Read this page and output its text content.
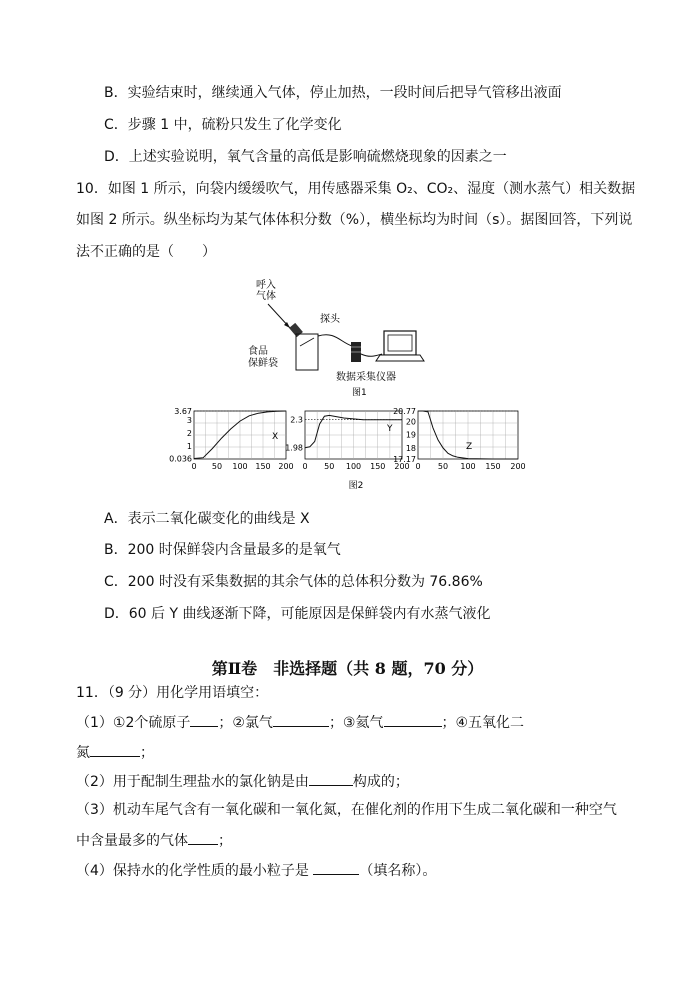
B．实验结束时，继续通入气体，停止加热，一段时间后把导气管移出液面
C．步骤 1 中，硫粉只发生了化学变化
D．上述实验说明，氧气含量的高低是影响硫燃烧现象的因素之一
10．如图 1 所示，向袋内缓缓吹气，用传感器采集 O₂、CO₂、湿度（测水蒸气）相关数据
如图 2 所示。纵坐标均为某气体体积分数（%），横坐标均为时间（s）。据图回答，下列说
法不正确的是（　　）
呼入
气体
探头
食品
保鲜袋
数据采集仪器
图1
3.67
3
2
1
0.036
0 50 100 150 200
X
2.3
1.98
0 50 100 150 200
Y
20.77
20
19
18
17.17
0 50 100 150 200
Z
图2
A．表示二氧化碳变化的曲线是 X
B．200 时保鲜袋内含量最多的是氧气
C．200 时没有采集数据的其余气体的总体积分数为 76.86%
D．60 后 Y 曲线逐渐下降，可能原因是保鲜袋内有水蒸气液化
第Ⅱ卷　非选择题（共 8 题，70 分）
11．（9 分）用化学用语填空：
（1）①2个硫原子 ；②氯气	；③氦气	；④五氧化二
氮	；
（2）用于配制生理盐水的氯化钠是由	构成的；
（3）机动车尾气含有一氧化碳和一氧化氮，在催化剂的作用下生成二氧化碳和一种空气
中含量最多的气体 ；
（4）保持水的化学性质的最小粒子是	（填名称）。
